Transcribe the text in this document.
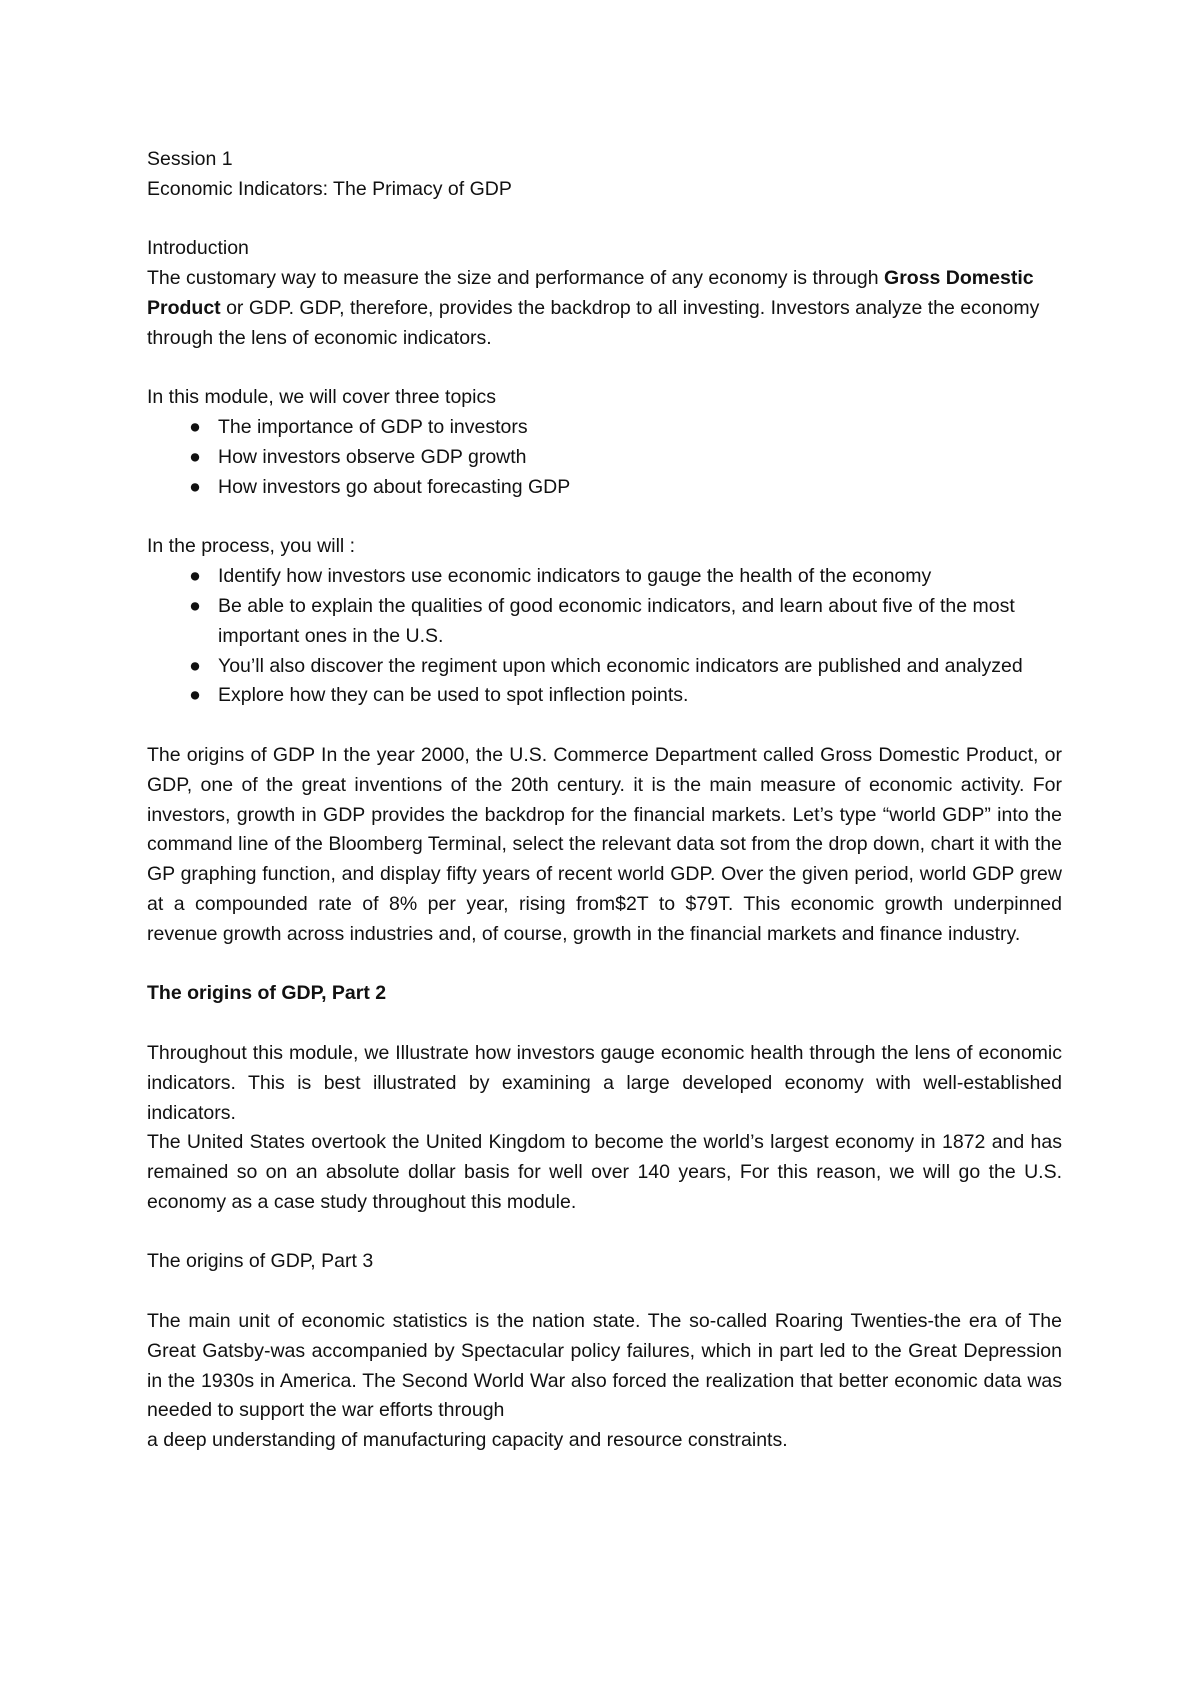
Session 1

Economic Indicators: The Primacy of GDP

Introduction

The customary way to measure the size and performance of any economy is through Gross Domestic Product or GDP. GDP, therefore, provides the backdrop to all investing. Investors analyze the economy through the lens of economic indicators.

In this module, we will cover three topics

● The importance of GDP to investors
● How investors observe GDP growth
● How investors go about forecasting GDP

In the process, you will :

● Identify how investors use economic indicators to gauge the health of the economy
● Be able to explain the qualities of good economic indicators, and learn about five of the most important ones in the U.S.
● You’ll also discover the regiment upon which economic indicators are published and analyzed
● Explore how they can be used to spot inflection points.

The origins of GDP In the year 2000, the U.S. Commerce Department called Gross Domestic Product, or GDP, one of the great inventions of the 20th century. it is the main measure of economic activity. For investors, growth in GDP provides the backdrop for the financial markets. Let’s type “world GDP” into the command line of the Bloomberg Terminal, select the relevant data sot from the drop down, chart it with the GP graphing function, and display fifty years of recent world GDP. Over the given period, world GDP grew at a compounded rate of 8% per year, rising from$2T to $79T. This economic growth underpinned revenue growth across industries and, of course, growth in the financial markets and finance industry.

The origins of GDP, Part 2

Throughout this module, we Illustrate how investors gauge economic health through the lens of economic indicators. This is best illustrated by examining a large developed economy with well-established indicators.

The United States overtook the United Kingdom to become the world’s largest economy in 1872 and has remained so on an absolute dollar basis for well over 140 years, For this reason, we will go the U.S. economy as a case study throughout this module.

The origins of GDP, Part 3

The main unit of economic statistics is the nation state. The so-called Roaring Twenties-the era of The Great Gatsby-was accompanied by Spectacular policy failures, which in part led to the Great Depression in the 1930s in America. The Second World War also forced the realization that better economic data was needed to support the war efforts through

a deep understanding of manufacturing capacity and resource constraints.
